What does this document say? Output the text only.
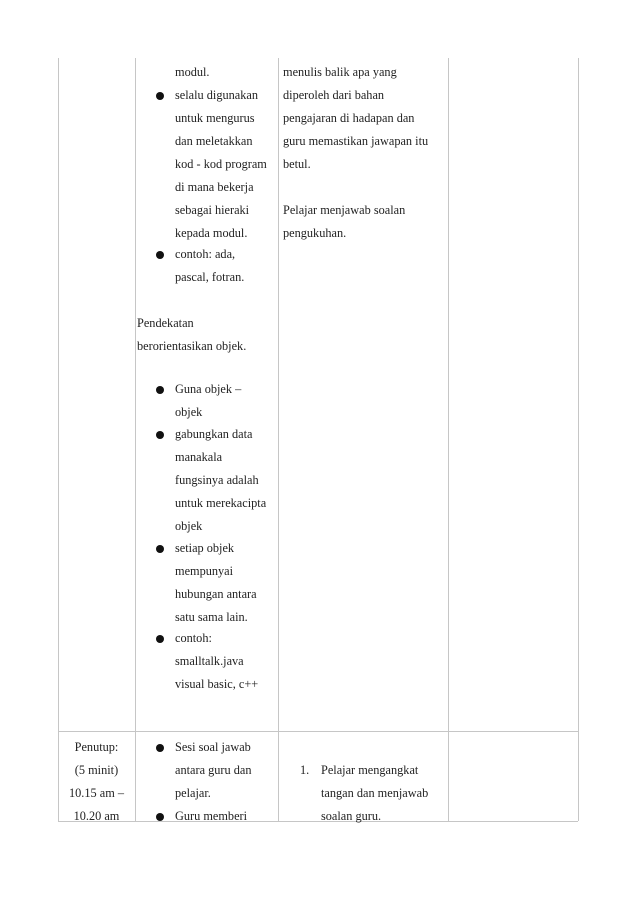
modul.
selalu digunakan
untuk mengurus
dan meletakkan
kod - kod program
di mana bekerja
sebagai hieraki
kepada modul.
contoh: ada,
pascal, fotran.
Pendekatan
berorientasikan objek.
Guna objek –
objek
gabungkan data
manakala
fungsinya adalah
untuk merekacipta
objek
setiap objek
mempunyai
hubungan antara
satu sama lain.
contoh:
smalltalk.java
visual basic, c++
menulis balik apa yang
diperoleh dari bahan
pengajaran di hadapan dan
guru memastikan jawapan itu
betul.
Pelajar menjawab soalan
pengukuhan.
Penutup:
(5 minit)
10.15 am –
10.20 am
Sesi soal jawab
antara guru dan
pelajar.
Guru memberi
1. Pelajar mengangkat
tangan dan menjawab
soalan guru.
